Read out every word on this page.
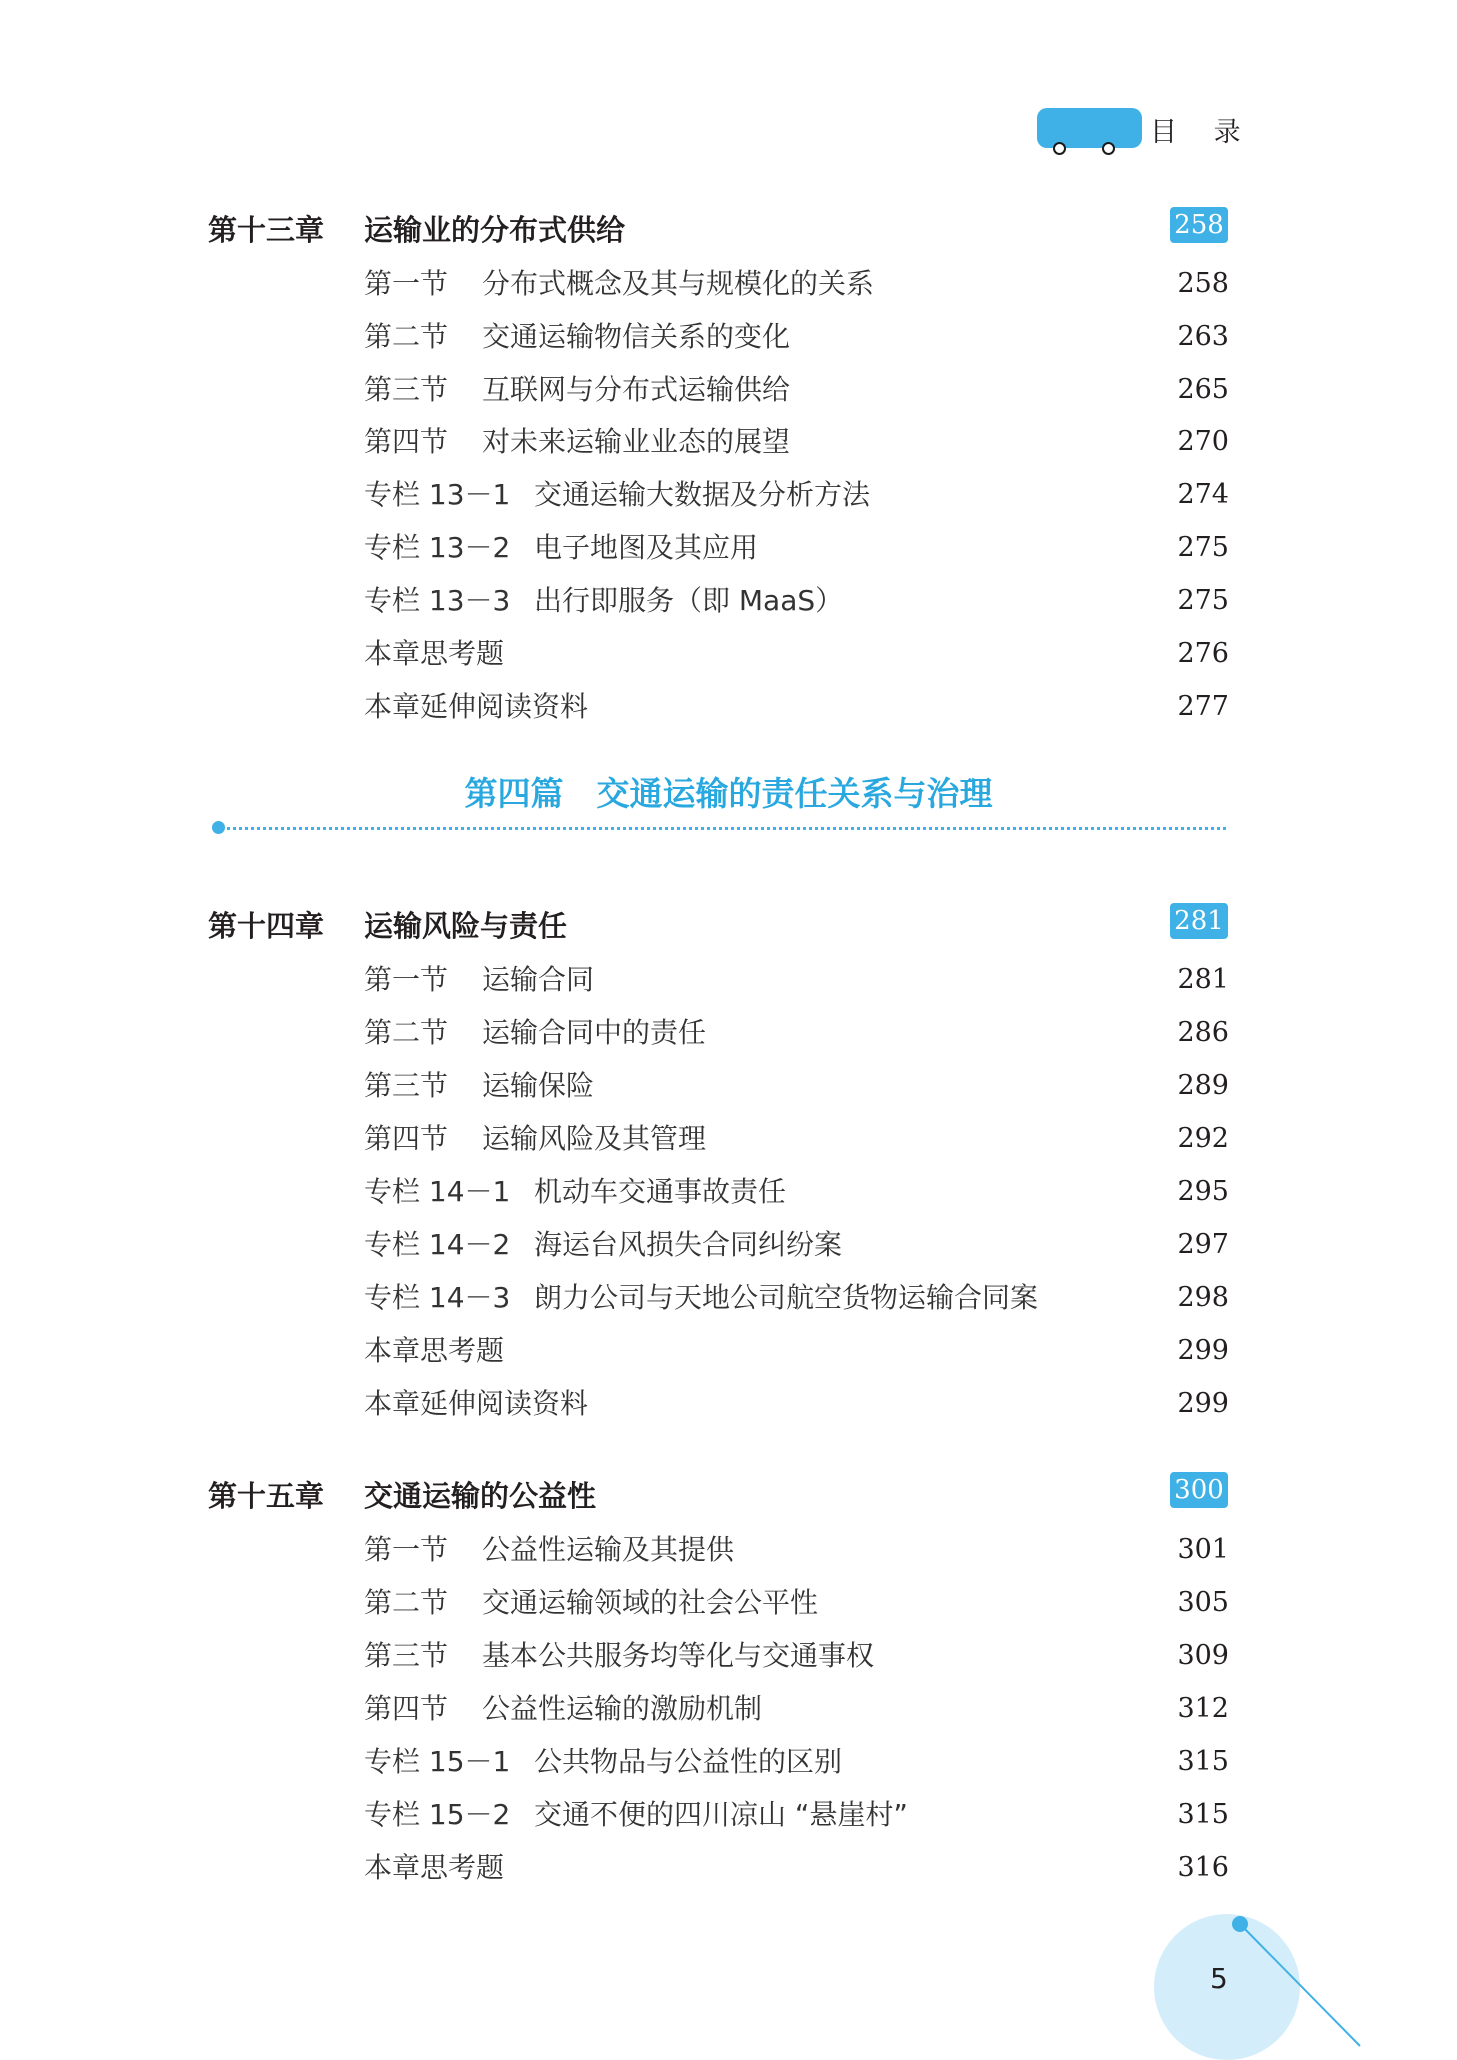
目 录
第十三章 运输业的分布式供给	258
第一节 分布式概念及其与规模化的关系	258
第二节 交通运输物信关系的变化	263
第三节 互联网与分布式运输供给	265
第四节 对未来运输业业态的展望	270
专栏 13－1 交通运输大数据及分析方法	274
专栏 13－2 电子地图及其应用	275
专栏 13－3 出行即服务（即 MaaS）	275
本章思考题	276
本章延伸阅读资料	277
第四篇　交通运输的责任关系与治理
第十四章 运输风险与责任	281
第一节 运输合同	281
第二节 运输合同中的责任	286
第三节 运输保险	289
第四节 运输风险及其管理	292
专栏 14－1 机动车交通事故责任	295
专栏 14－2 海运台风损失合同纠纷案	297
专栏 14－3 朗力公司与天地公司航空货物运输合同案	298
本章思考题	299
本章延伸阅读资料	299
第十五章 交通运输的公益性	300
第一节 公益性运输及其提供	301
第二节 交通运输领域的社会公平性	305
第三节 基本公共服务均等化与交通事权	309
第四节 公益性运输的激励机制	312
专栏 15－1 公共物品与公益性的区别	315
专栏 15－2 交通不便的四川凉山 “悬崖村”	315
本章思考题	316
5
